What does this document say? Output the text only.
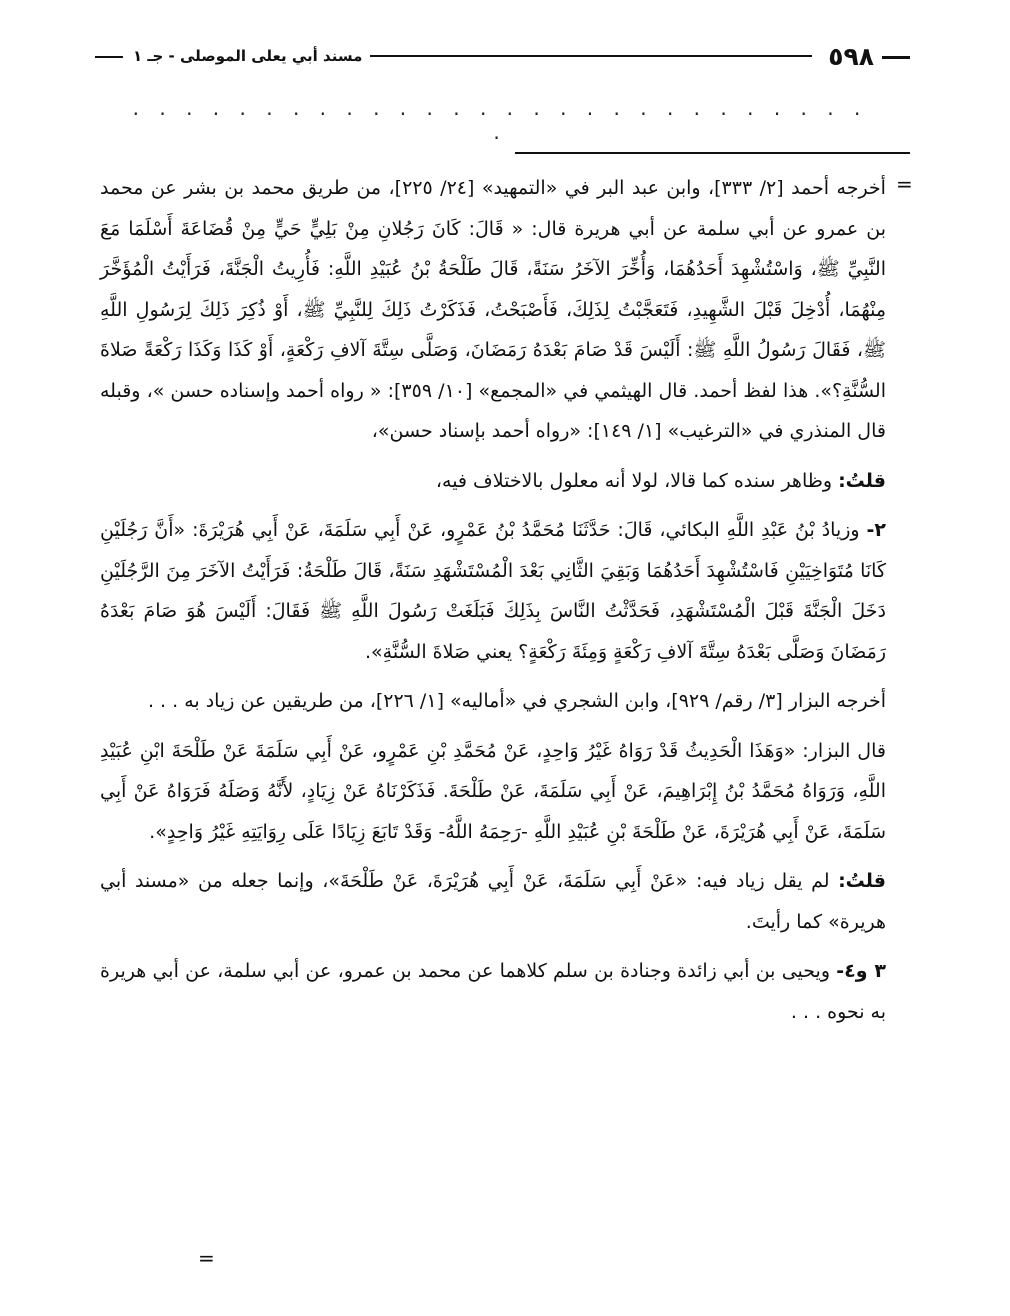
٥٩٨
مسند أبي يعلى الموصلى - جـ ١
· · · · · · · · · · · · · · · · · · · · · · · · · · · · ·
=

أخرجه أحمد [٢/ ٣٣٣]، وابن عبد البر في «التمهيد» [٢٤/ ٢٢٥]، من طريق محمد بن بشر عن محمد بن عمرو عن أبي سلمة عن أبي هريرة قال: « قَالَ: كَانَ رَجُلانِ مِنْ بَلِيٍّ حَيٍّ مِنْ قُضَاعَةَ أَسْلَمَا مَعَ النَّبِيِّ ﷺ، وَاسْتُشْهِدَ أَحَدُهُمَا، وَأُخِّرَ الآخَرُ سَنَةً، قَالَ طَلْحَةُ بْنُ عُبَيْدِ اللَّهِ: فَأُرِيتُ الْجَنَّةَ، فَرَأَيْتُ الْمُؤَخَّرَ مِنْهُمَا، أُدْخِلَ قَبْلَ الشَّهِيدِ، فَتَعَجَّبْتُ لِذَلِكَ، فَأَصْبَحْتُ، فَذَكَرْتُ ذَلِكَ لِلنَّبِيِّ ﷺ، أَوْ ذُكِرَ ذَلِكَ لِرَسُولِ اللَّهِ ﷺ، فَقَالَ رَسُولُ اللَّهِ ﷺ: أَلَيْسَ قَدْ صَامَ بَعْدَهُ رَمَضَانَ، وَصَلَّى سِتَّةَ آلافِ رَكْعَةٍ، أَوْ كَذَا وَكَذَا رَكْعَةً صَلاةَ السُّنَّةِ؟». هذا لفظ أحمد. قال الهيثمي في «المجمع» [١٠/ ٣٥٩]: « رواه أحمد وإسناده حسن »، وقبله قال المنذري في «الترغيب» [١/ ١٤٩]: «رواه أحمد بإسناد حسن»،

قلتُ: وظاهر سنده كما قالا، لولا أنه معلول بالاختلاف فيه،

٢- وزيادُ بْنُ عَبْدِ اللَّهِ البكائي، قَالَ: حَدَّثَنَا مُحَمَّدُ بْنُ عَمْرٍو، عَنْ أَبِي سَلَمَةَ، عَنْ أَبِي هُرَيْرَةَ: «أَنَّ رَجُلَيْنِ كَانَا مُتَوَاخِيَيْنِ فَاسْتُشْهِدَ أَحَدُهُمَا وَبَقِيَ الثَّانِي بَعْدَ الْمُسْتَشْهَدِ سَنَةً، قَالَ طَلْحَةُ: فَرَأَيْتُ الآخَرَ مِنَ الرَّجُلَيْنِ دَخَلَ الْجَنَّةَ قَبْلَ الْمُسْتَشْهَدِ، فَحَدَّثْتُ النَّاسَ بِذَلِكَ فَبَلَغَتْ رَسُولَ اللَّهِ ﷺ فَقَالَ: أَلَيْسَ هُوَ صَامَ بَعْدَهُ رَمَضَانَ وَصَلَّى بَعْدَهُ سِتَّةَ آلافِ رَكْعَةٍ وَمِئَةَ رَكْعَةٍ؟ يعني صَلاةَ السُّنَّةِ».

أخرجه البزار [٣/ رقم/ ٩٢٩]، وابن الشجري في «أماليه» [١/ ٢٢٦]، من طريقين عن زياد به . . .

قال البزار: «وَهَذَا الْحَدِيثُ قَدْ رَوَاهُ غَيْرُ وَاحِدٍ، عَنْ مُحَمَّدِ بْنِ عَمْرٍو، عَنْ أَبِي سَلَمَةَ عَنْ طَلْحَةَ ابْنِ عُبَيْدِ اللَّهِ، وَرَوَاهُ مُحَمَّدُ بْنُ إِبْرَاهِيمَ، عَنْ أَبِي سَلَمَةَ، عَنْ طَلْحَةَ. فَذَكَرْنَاهُ عَنْ زِيَادٍ، لأَنَّهُ وَصَلَهُ فَرَوَاهُ عَنْ أَبِي سَلَمَةَ، عَنْ أَبِي هُرَيْرَةَ، عَنْ طَلْحَةَ بْنِ عُبَيْدِ اللَّهِ -رَحِمَهُ اللَّهُ- وَقَدْ تَابَعَ زِيَادًا عَلَى رِوَايَتِهِ غَيْرُ وَاحِدٍ».

قلتُ: لم يقل زياد فيه: «عَنْ أَبِي سَلَمَةَ، عَنْ أَبِي هُرَيْرَةَ، عَنْ طَلْحَةَ»، وإنما جعله من «مسند أبي هريرة» كما رأيتَ.

٣ و٤- ويحيى بن أبي زائدة وجنادة بن سلم كلاهما عن محمد بن عمرو، عن أبي سلمة، عن أبي هريرة به نحوه . . .

=
